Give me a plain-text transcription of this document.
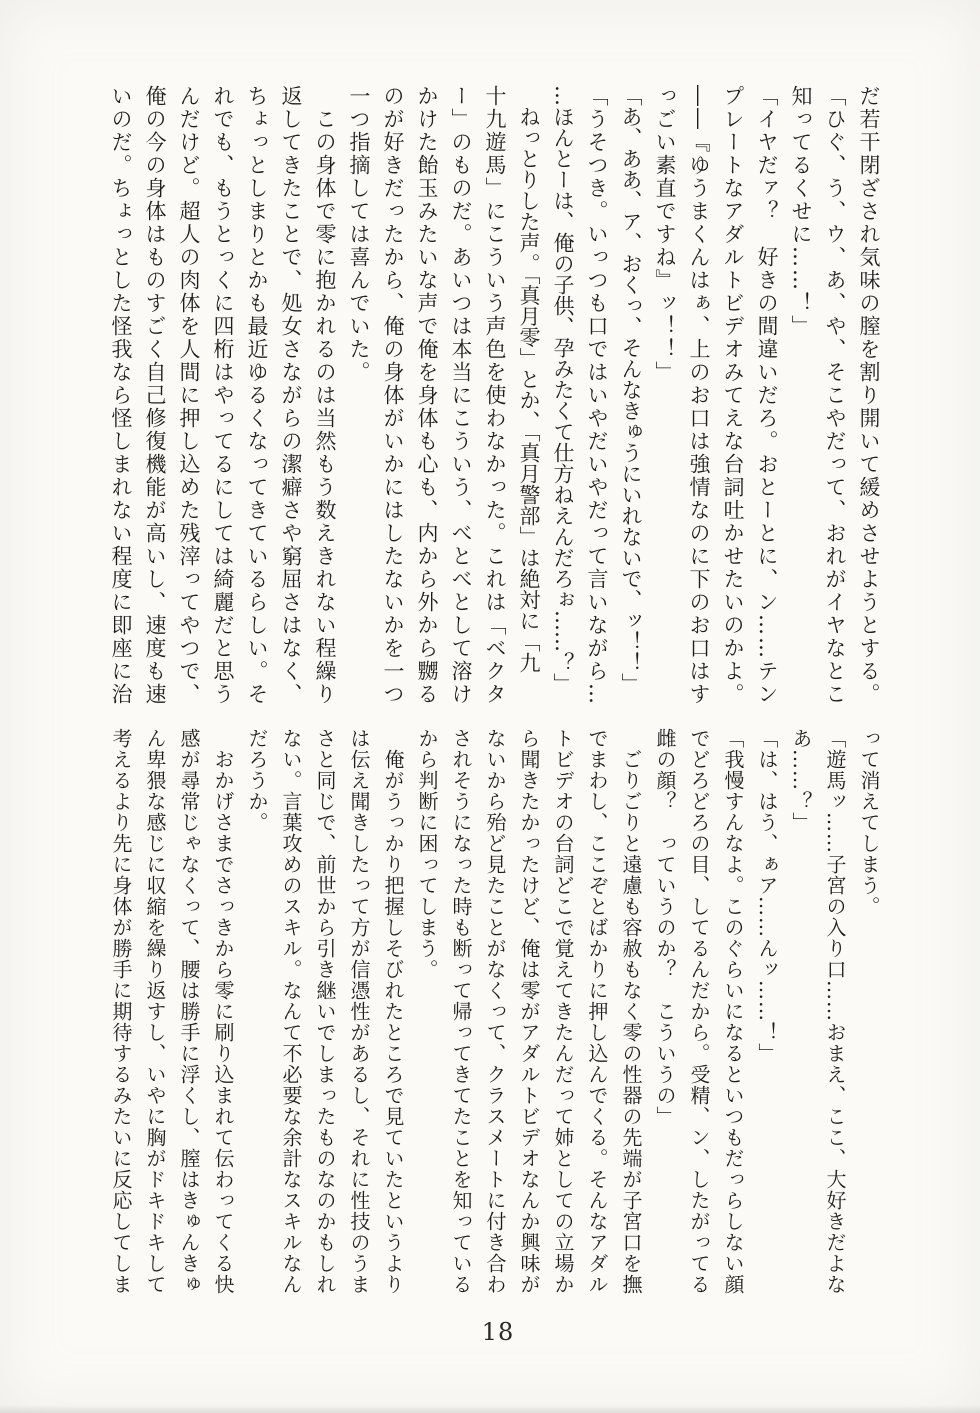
だ若干閉ざされ気味の膣を割り開いて緩めさせようとする。
「ひぐ、う、ウ、あ、や、そこやだって、おれがイヤなとこ
知ってるくせに……！」
「イヤだァ？　好きの間違いだろ。おとーとに、ン……テン
プレートなアダルトビデオみてえな台詞吐かせたいのかよ。
――『ゆうまくんはぁ、上のお口は強情なのに下のお口はす
っごい素直ですね』ッ！！」
「あ、ああ、ア、おくっ、そんなきゅうにいれないで、ッ！！」
「うそつき。いっつも口ではいやだいやだって言いながら…
…ほんとーは、俺の子供、孕みたくて仕方ねえんだろぉ……？」
　ねっとりした声。「真月零」とか、「真月警部」は絶対に「九
十九遊馬」にこういう声色を使わなかった。これは「ベクタ
ー」のものだ。あいつは本当にこういう、べとべとして溶け
かけた飴玉みたいな声で俺を身体も心も、内から外から嬲る
のが好きだったから、俺の身体がいかにはしたないかを一つ
一つ指摘しては喜んでいた。
　この身体で零に抱かれるのは当然もう数えきれない程繰り
返してきたことで、処女さながらの潔癖さや窮屈さはなく、
ちょっとしまりとかも最近ゆるくなってきているらしい。そ
れでも、もうとっくに四桁はやってるにしては綺麗だと思う
んだけど。超人の肉体を人間に押し込めた残滓ってやつで、
俺の今の身体はものすごく自己修復機能が高いし、速度も速
いのだ。ちょっとした怪我なら怪しまれない程度に即座に治
って消えてしまう。
「遊馬ッ……子宮の入り口……おまえ、ここ、大好きだよな
あ……？」
「は、はう、ぁア……んッ……！」
「我慢すんなよ。このぐらいになるといつもだっらしない顔
でどろどろの目、してるんだから。受精、ン、したがってる
雌の顔？　っていうのか？　こういうの」
　ごりごりと遠慮も容赦もなく零の性器の先端が子宮口を撫
でまわし、ここぞとばかりに押し込んでくる。そんなアダル
トビデオの台詞どこで覚えてきたんだって姉としての立場か
ら聞きたかったけど、俺は零がアダルトビデオなんか興味が
ないから殆ど見たことがなくって、クラスメートに付き合わ
されそうになった時も断って帰ってきてたことを知っている
から判断に困ってしまう。
　俺がうっかり把握しそびれたところで見ていたというより
は伝え聞きしたって方が信憑性があるし、それに性技のうま
さと同じで、前世から引き継いでしまったものなのかもしれ
ない。言葉攻めのスキル。なんて不必要な余計なスキルなん
だろうか。
　おかげさまでさっきから零に刷り込まれて伝わってくる快
感が尋常じゃなくって、腰は勝手に浮くし、膣はきゅんきゅ
ん卑猥な感じに収縮を繰り返すし、いやに胸がドキドキして
考えるより先に身体が勝手に期待するみたいに反応してしま
18
